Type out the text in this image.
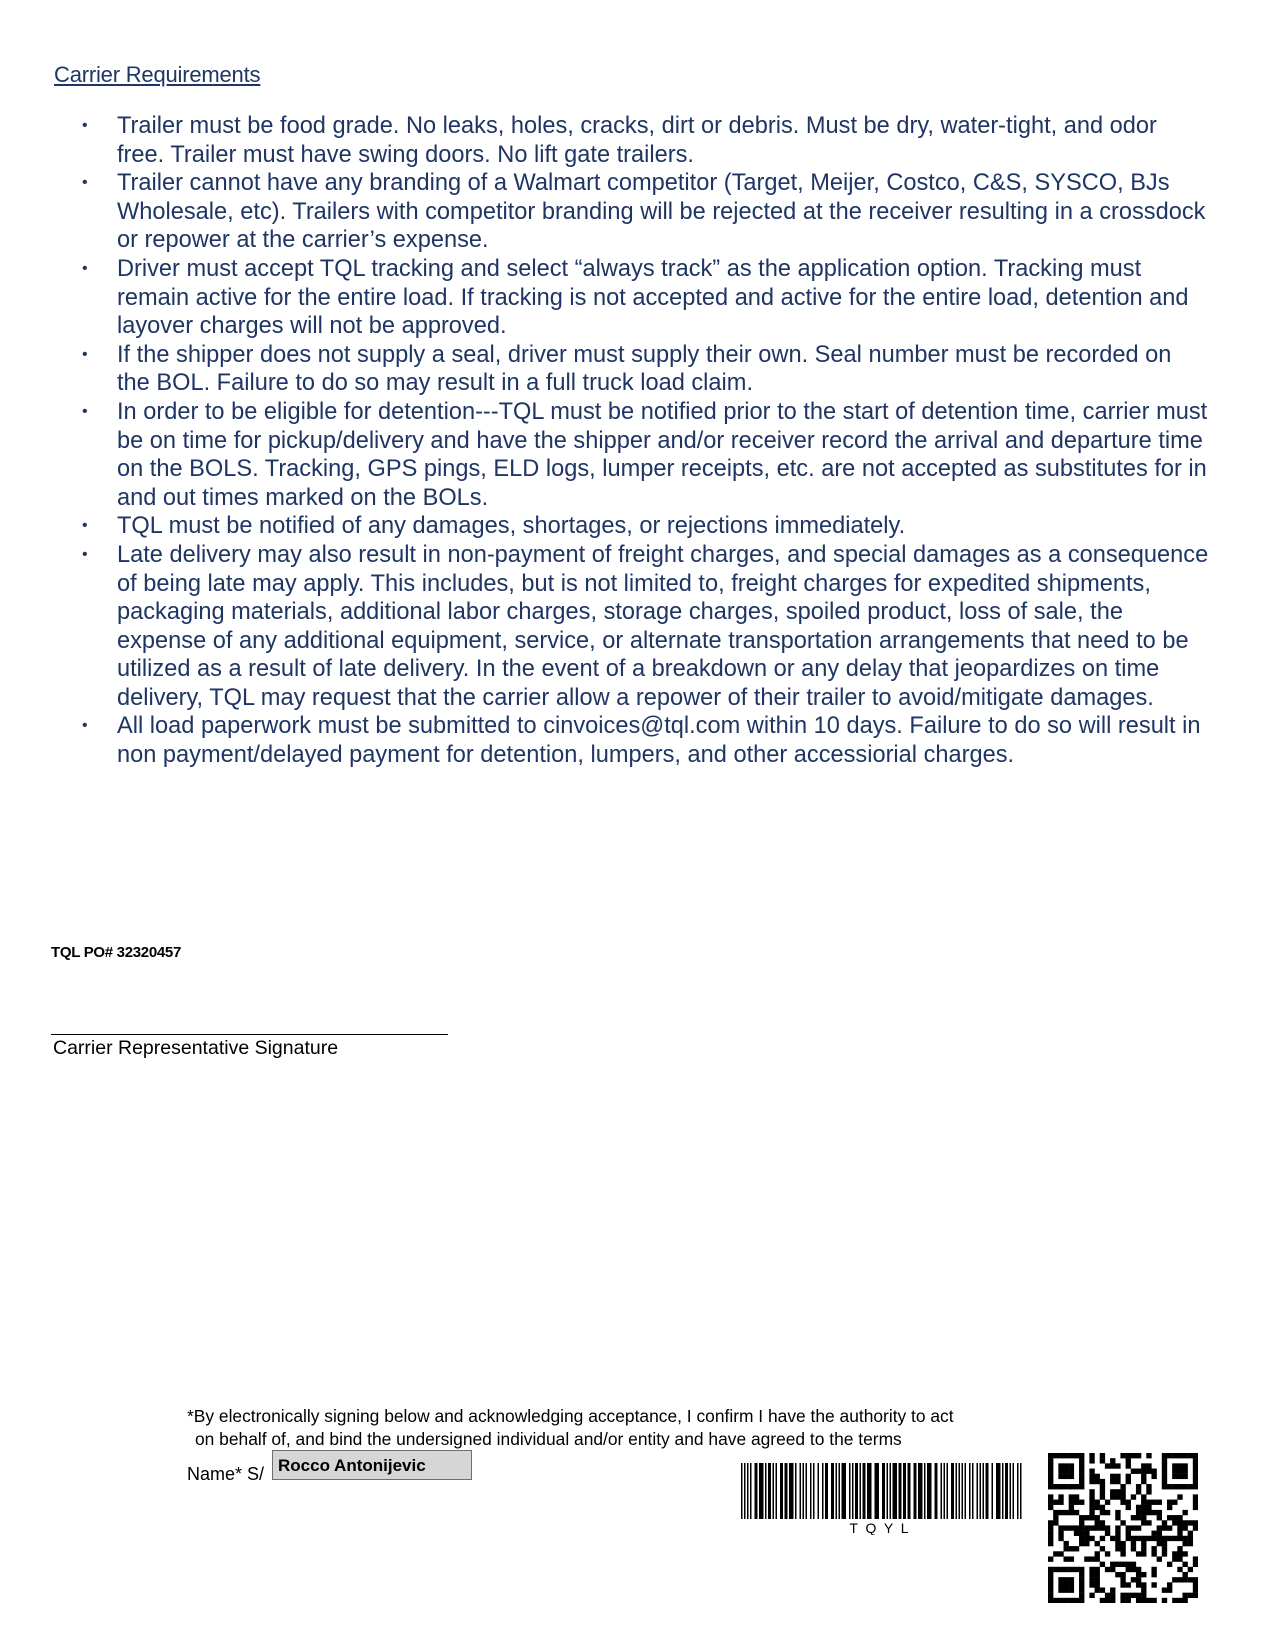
Carrier Requirements
• Trailer must be food grade. No leaks, holes, cracks, dirt or debris. Must be dry, water-tight, and odor free. Trailer must have swing doors. No lift gate trailers.
• Trailer cannot have any branding of a Walmart competitor (Target, Meijer, Costco, C&S, SYSCO, BJs Wholesale, etc). Trailers with competitor branding will be rejected at the receiver resulting in a crossdock or repower at the carrier’s expense.
• Driver must accept TQL tracking and select “always track” as the application option. Tracking must remain active for the entire load. If tracking is not accepted and active for the entire load, detention and layover charges will not be approved.
• If the shipper does not supply a seal, driver must supply their own. Seal number must be recorded on the BOL. Failure to do so may result in a full truck load claim.
• In order to be eligible for detention---TQL must be notified prior to the start of detention time, carrier must be on time for pickup/delivery and have the shipper and/or receiver record the arrival and departure time on the BOLS. Tracking, GPS pings, ELD logs, lumper receipts, etc. are not accepted as substitutes for in and out times marked on the BOLs.
• TQL must be notified of any damages, shortages, or rejections immediately.
• Late delivery may also result in non-payment of freight charges, and special damages as a consequence of being late may apply. This includes, but is not limited to, freight charges for expedited shipments, packaging materials, additional labor charges, storage charges, spoiled product, loss of sale, the expense of any additional equipment, service, or alternate transportation arrangements that need to be utilized as a result of late delivery. In the event of a breakdown or any delay that jeopardizes on time delivery, TQL may request that the carrier allow a repower of their trailer to avoid/mitigate damages.
• All load paperwork must be submitted to cinvoices@tql.com within 10 days. Failure to do so will result in non payment/delayed payment for detention, lumpers, and other accessiorial charges.
TQL PO# 32320457
Carrier Representative Signature
*By electronically signing below and acknowledging acceptance, I confirm I have the authority to act
on behalf of, and bind the undersigned individual and/or entity and have agreed to the terms
Name* S/ Rocco Antonijevic
T  Q  Y  L
